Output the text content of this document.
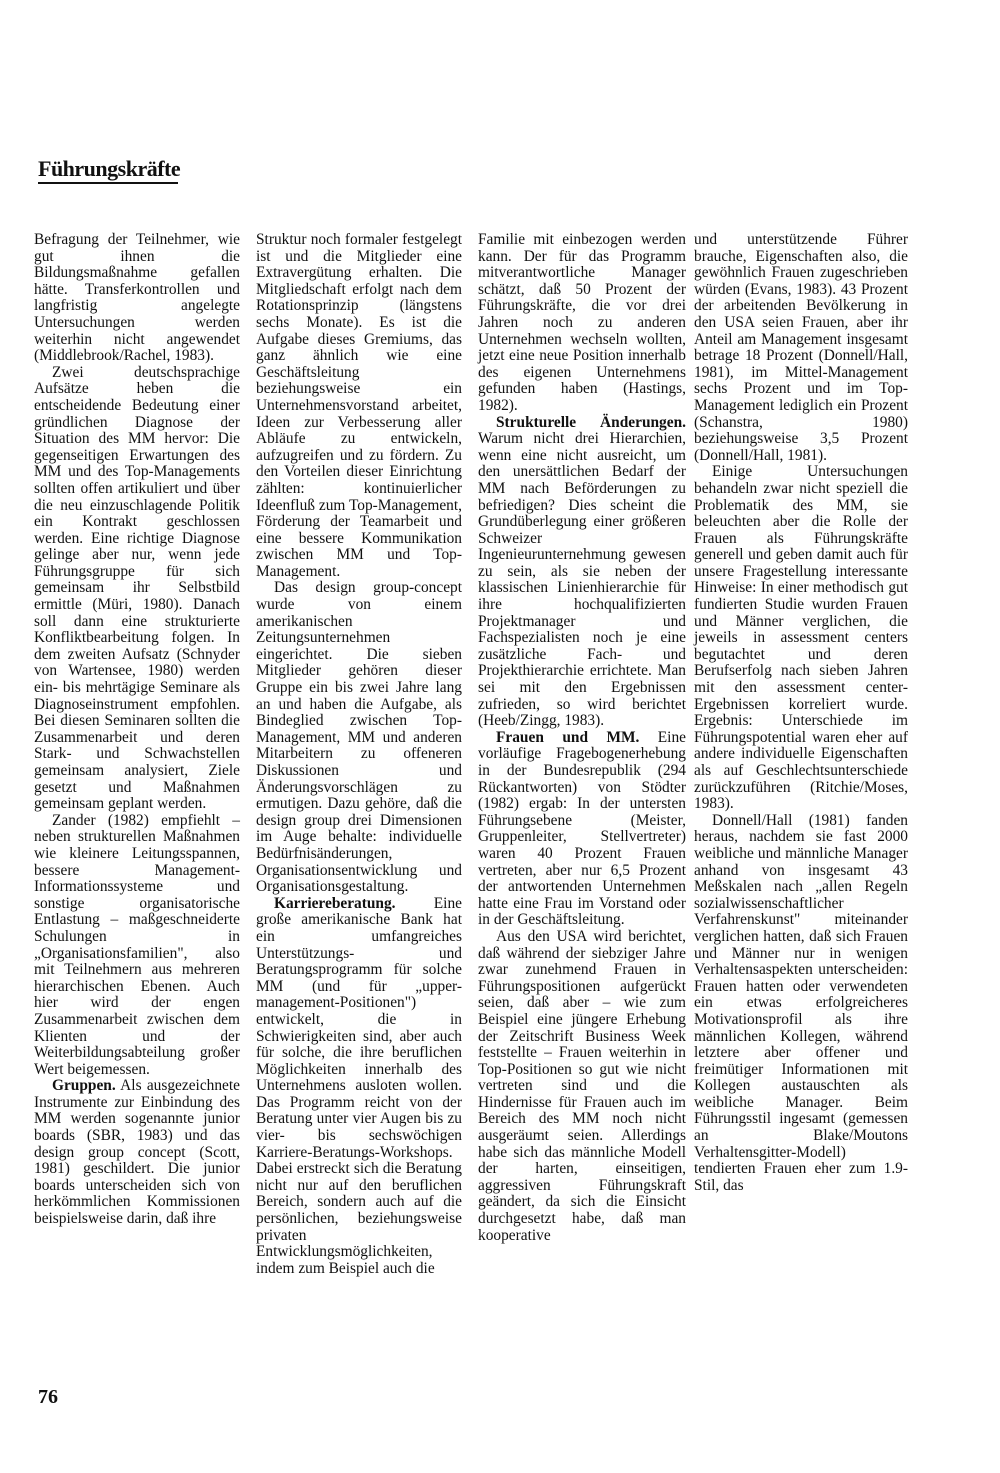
Führungskräfte

Befragung der Teilnehmer, wie gut ihnen die Bildungsmaßnahme gefallen hätte. Transferkontrollen und langfristig angelegte Untersuchungen werden weiterhin nicht angewendet (Middlebrook/Rachel, 1983).

Zwei deutschsprachige Aufsätze heben die entscheidende Bedeutung einer gründlichen Diagnose der Situation des MM hervor: Die gegenseitigen Erwartungen des MM und des Top-Managements sollten offen artikuliert und über die neu einzuschlagende Politik ein Kontrakt geschlossen werden. Eine richtige Diagnose gelinge aber nur, wenn jede Führungsgruppe für sich gemeinsam ihr Selbstbild ermittle (Müri, 1980). Danach soll dann eine strukturierte Konfliktbearbeitung folgen. In dem zweiten Aufsatz (Schnyder von Wartensee, 1980) werden ein- bis mehrtägige Seminare als Diagnoseinstrument empfohlen. Bei diesen Seminaren sollten die Zusammenarbeit und deren Stark- und Schwachstellen gemeinsam analysiert, Ziele gesetzt und Maßnahmen gemeinsam geplant werden.

Zander (1982) empfiehlt – neben strukturellen Maßnahmen wie kleinere Leitungsspannen, bessere Management-Informationssysteme und sonstige organisatorische Entlastung – maßgeschneiderte Schulungen in „Organisationsfamilien", also mit Teilnehmern aus mehreren hierarchischen Ebenen. Auch hier wird der engen Zusammenarbeit zwischen dem Klienten und der Weiterbildungsabteilung großer Wert beigemessen.

Gruppen. Als ausgezeichnete Instrumente zur Einbindung des MM werden sogenannte junior boards (SBR, 1983) und das design group concept (Scott, 1981) geschildert. Die junior boards unterscheiden sich von herkömmlichen Kommissionen beispielsweise darin, daß ihre

Struktur noch formaler festgelegt ist und die Mitglieder eine Extravergütung erhalten. Die Mitgliedschaft erfolgt nach dem Rotationsprinzip (längstens sechs Monate). Es ist die Aufgabe dieses Gremiums, das ganz ähnlich wie eine Geschäftsleitung beziehungsweise ein Unternehmensvorstand arbeitet, Ideen zur Verbesserung aller Abläufe zu entwickeln, aufzugreifen und zu fördern. Zu den Vorteilen dieser Einrichtung zählten: kontinuierlicher Ideenfluß zum Top-Management, Förderung der Teamarbeit und eine bessere Kommunikation zwischen MM und Top-Management.

Das design group-concept wurde von einem amerikanischen Zeitungsunternehmen eingerichtet. Die sieben Mitglieder gehören dieser Gruppe ein bis zwei Jahre lang an und haben die Aufgabe, als Bindeglied zwischen Top-Management, MM und anderen Mitarbeitern zu offeneren Diskussionen und Änderungsvorschlägen zu ermutigen. Dazu gehöre, daß die design group drei Dimensionen im Auge behalte: individuelle Bedürfnisänderungen, Organisationsentwicklung und Organisationsgestaltung.

Karriereberatung. Eine große amerikanische Bank hat ein umfangreiches Unterstützungs- und Beratungsprogramm für solche MM (und für „upper-management-Positionen") entwickelt, die in Schwierigkeiten sind, aber auch für solche, die ihre beruflichen Möglichkeiten innerhalb des Unternehmens ausloten wollen. Das Programm reicht von der Beratung unter vier Augen bis zu vier- bis sechswöchigen Karriere-Beratungs-Workshops. Dabei erstreckt sich die Beratung nicht nur auf den beruflichen Bereich, sondern auch auf die persönlichen, beziehungsweise privaten Entwicklungsmöglichkeiten, indem zum Beispiel auch die

Familie mit einbezogen werden kann. Der für das Programm mitverantwortliche Manager schätzt, daß 50 Prozent der Führungskräfte, die vor drei Jahren noch zu anderen Unternehmen wechseln wollten, jetzt eine neue Position innerhalb des eigenen Unternehmens gefunden haben (Hastings, 1982).

Strukturelle Änderungen. Warum nicht drei Hierarchien, wenn eine nicht ausreicht, um den unersättlichen Bedarf der MM nach Beförderungen zu befriedigen? Dies scheint die Grundüberlegung einer größeren Schweizer Ingenieurunternehmung gewesen zu sein, als sie neben der klassischen Linienhierarchie für ihre hochqualifizierten Projektmanager und Fachspezialisten noch je eine zusätzliche Fach- und Projekthierarchie errichtete. Man sei mit den Ergebnissen zufrieden, so wird berichtet (Heeb/Zingg, 1983).

Frauen und MM. Eine vorläufige Fragebogenerhebung in der Bundesrepublik (294 Rückantworten) von Stödter (1982) ergab: In der untersten Führungsebene (Meister, Gruppenleiter, Stellvertreter) waren 40 Prozent Frauen vertreten, aber nur 6,5 Prozent der antwortenden Unternehmen hatte eine Frau im Vorstand oder in der Geschäftsleitung.

Aus den USA wird berichtet, daß während der siebziger Jahre zwar zunehmend Frauen in Führungspositionen aufgerückt seien, daß aber – wie zum Beispiel eine jüngere Erhebung der Zeitschrift Business Week feststellte – Frauen weiterhin in Top-Positionen so gut wie nicht vertreten sind und die Hindernisse für Frauen auch im Bereich des MM noch nicht ausgeräumt seien. Allerdings habe sich das männliche Modell der harten, einseitigen, aggressiven Führungskraft geändert, da sich die Einsicht durchgesetzt habe, daß man kooperative

und unterstützende Führer brauche, Eigenschaften also, die gewöhnlich Frauen zugeschrieben würden (Evans, 1983). 43 Prozent der arbeitenden Bevölkerung in den USA seien Frauen, aber ihr Anteil am Management insgesamt betrage 18 Prozent (Donnell/Hall, 1981), im Mittel-Management sechs Prozent und im Top-Management lediglich ein Prozent (Schanstra, 1980) beziehungsweise 3,5 Prozent (Donnell/Hall, 1981).

Einige Untersuchungen behandeln zwar nicht speziell die Problematik des MM, sie beleuchten aber die Rolle der Frauen als Führungskräfte generell und geben damit auch für unsere Fragestellung interessante Hinweise: In einer methodisch gut fundierten Studie wurden Frauen und Männer verglichen, die jeweils in assessment centers begutachtet und deren Berufserfolg nach sieben Jahren mit den assessment center-Ergebnissen korreliert wurde. Ergebnis: Unterschiede im Führungspotential waren eher auf andere individuelle Eigenschaften als auf Geschlechtsunterschiede zurückzuführen (Ritchie/Moses, 1983).

Donnell/Hall (1981) fanden heraus, nachdem sie fast 2000 weibliche und männliche Manager anhand von insgesamt 43 Meßskalen nach „allen Regeln sozialwissenschaftlicher Verfahrenskunst" miteinander verglichen hatten, daß sich Frauen und Männer nur in wenigen Verhaltensaspekten unterscheiden: Frauen hatten oder verwendeten ein etwas erfolgreicheres Motivationsprofil als ihre männlichen Kollegen, während letztere aber offener und freimütiger Informationen mit Kollegen austauschten als weibliche Manager. Beim Führungsstil ingesamt (gemessen an Blake/Moutons Verhaltensgitter-Modell) tendierten Frauen eher zum 1.9-Stil, das

76
